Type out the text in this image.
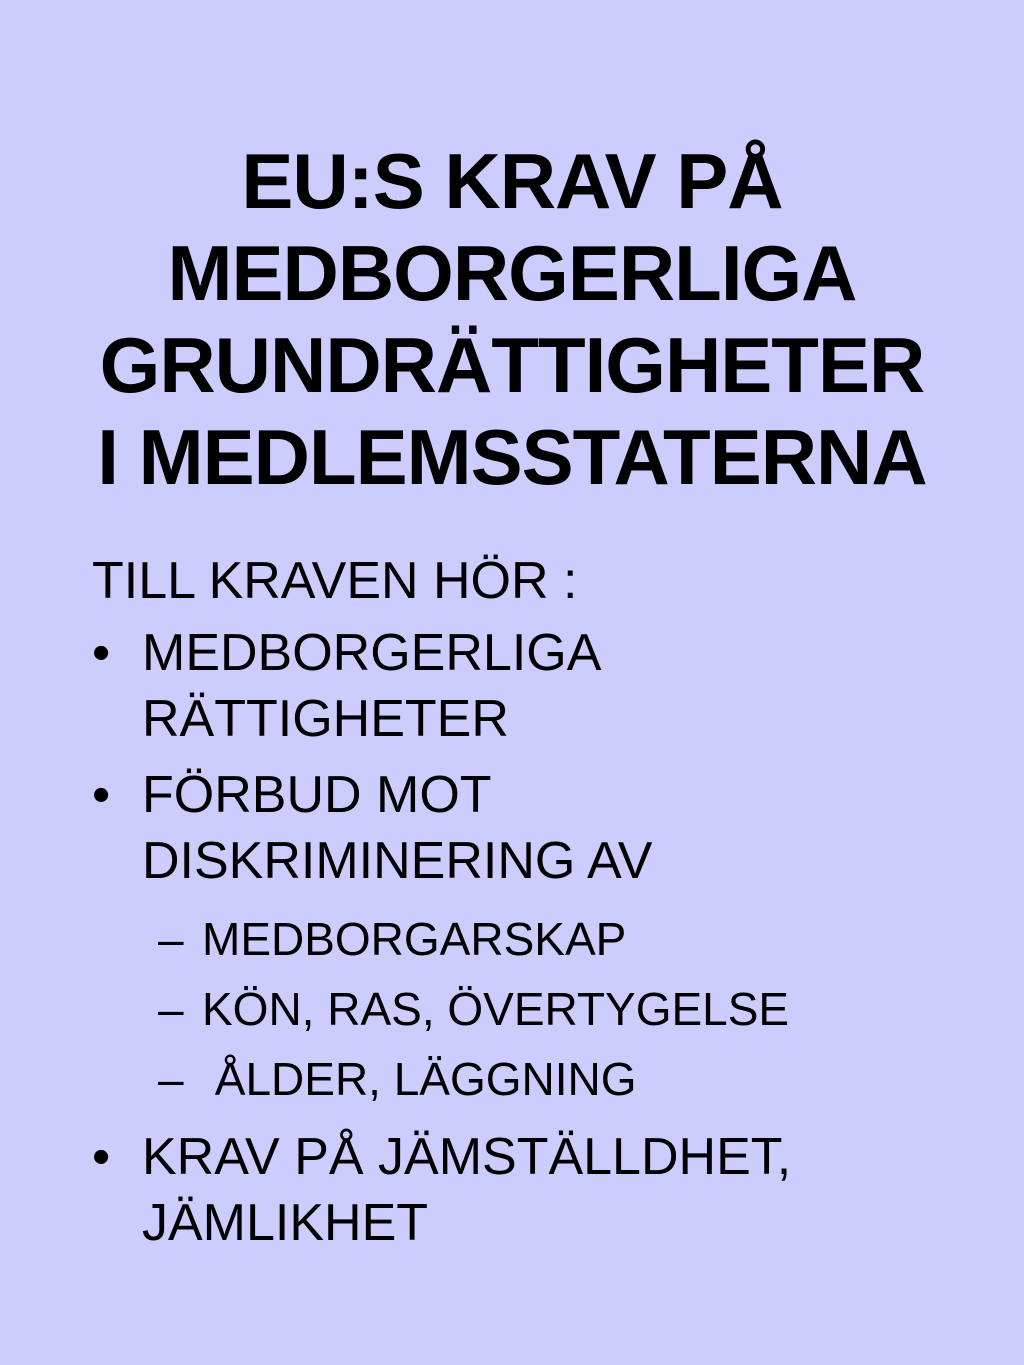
EU:S KRAV PÅ
MEDBORGERLIGA
GRUNDRÄTTIGHETER
I MEDLEMSSTATERNA
TILL KRAVEN HÖR :
• MEDBORGERLIGA
RÄTTIGHETER
• FÖRBUD MOT
DISKRIMINERING AV
– MEDBORGARSKAP
– KÖN, RAS, ÖVERTYGELSE
– ÅLDER, LÄGGNING
• KRAV PÅ JÄMSTÄLLDHET,
JÄMLIKHET
